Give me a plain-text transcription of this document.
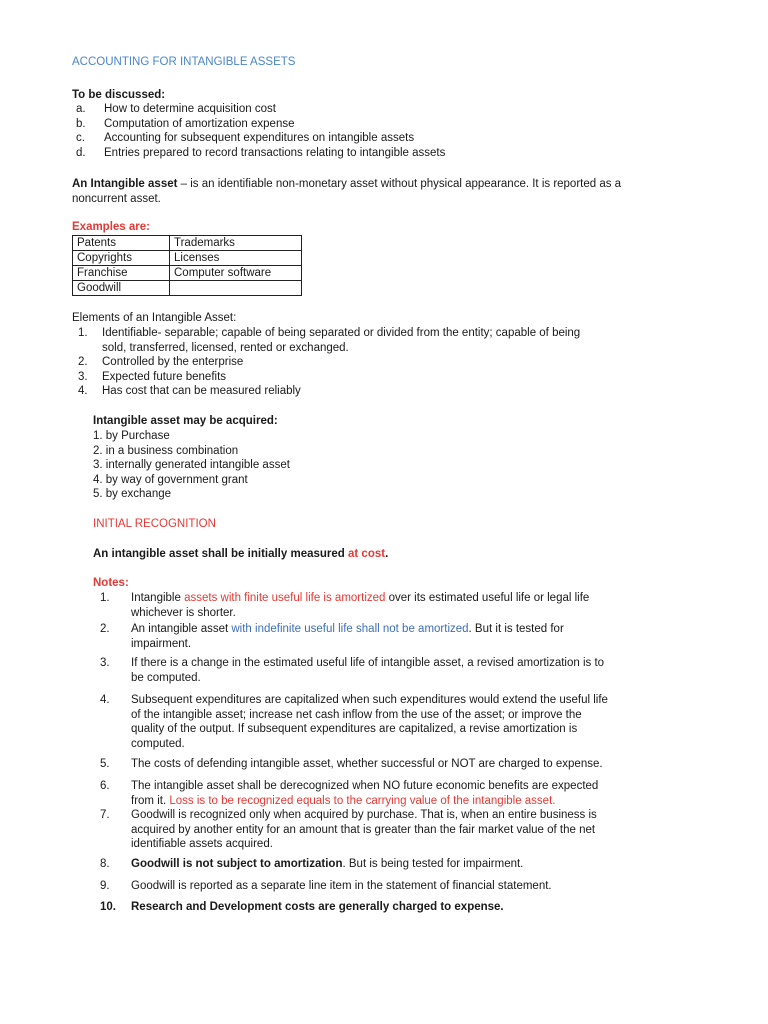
ACCOUNTING FOR INTANGIBLE ASSETS
To be discussed:
a.	How to determine acquisition cost
b.	Computation of amortization expense
c.	Accounting for subsequent expenditures on intangible assets
d.	Entries prepared to record transactions relating to intangible assets
An Intangible asset – is an identifiable non-monetary asset without physical appearance. It is reported as a
noncurrent asset.
Examples are:
Patents	Trademarks
Copyrights	Licenses
Franchise	Computer software
Goodwill	
Elements of an Intangible Asset:
1.	Identifiable- separable; capable of being separated or divided from the entity; capable of being
sold, transferred, licensed, rented or exchanged.
2.	Controlled by the enterprise
3.	Expected future benefits
4.	Has cost that can be measured reliably
Intangible asset may be acquired:
1. by Purchase
2. in a business combination
3. internally generated intangible asset
4. by way of government grant
5. by exchange
INITIAL RECOGNITION
An intangible asset shall be initially measured at cost.
Notes:
1.	Intangible assets with finite useful life is amortized over its estimated useful life or legal life
whichever is shorter.
2.	An intangible asset with indefinite useful life shall not be amortized. But it is tested for
impairment.
3.	If there is a change in the estimated useful life of intangible asset, a revised amortization is to
be computed.
4.	Subsequent expenditures are capitalized when such expenditures would extend the useful life
of the intangible asset; increase net cash inflow from the use of the asset; or improve the
quality of the output. If subsequent expenditures are capitalized, a revise amortization is
computed.
5.	The costs of defending intangible asset, whether successful or NOT are charged to expense.
6.	The intangible asset shall be derecognized when NO future economic benefits are expected
from it. Loss is to be recognized equals to the carrying value of the intangible asset.
7.	Goodwill is recognized only when acquired by purchase. That is, when an entire business is
acquired by another entity for an amount that is greater than the fair market value of the net
identifiable assets acquired.
8.	Goodwill is not subject to amortization. But is being tested for impairment.
9.	Goodwill is reported as a separate line item in the statement of financial statement.
10.	Research and Development costs are generally charged to expense.
